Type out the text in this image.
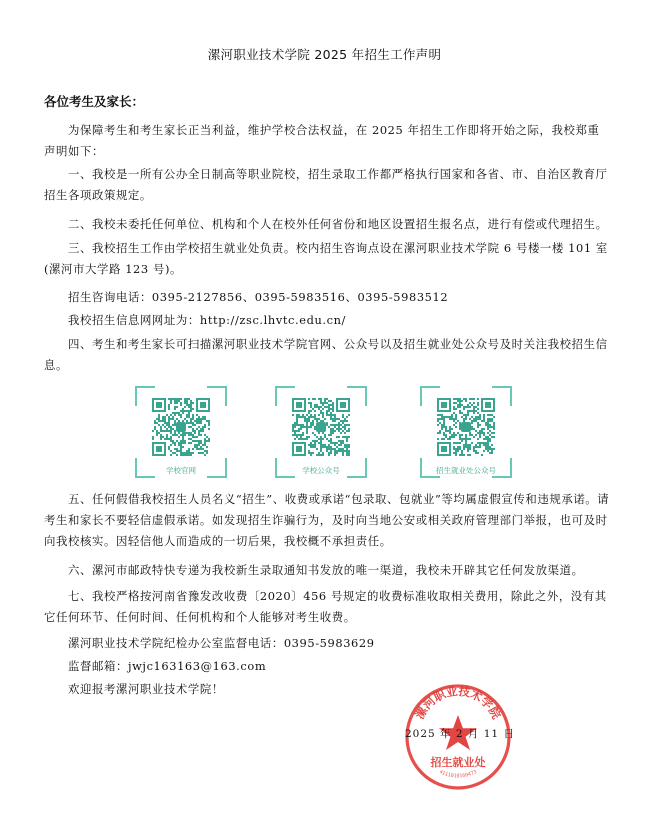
漯河职业技术学院 2025 年招生工作声明
各位考生及家长：

为保障考生和考生家长正当利益，维护学校合法权益，在 2025 年招生工作即将开始之际，我校郑重声明如下：

一、我校是一所有公办全日制高等职业院校，招生录取工作都严格执行国家和各省、市、自治区教育厅招生各项政策规定。

二、我校未委托任何单位、机构和个人在校外任何省份和地区设置招生报名点，进行有偿或代理招生。

三、我校招生工作由学校招生就业处负责。校内招生咨询点设在漯河职业技术学院 6 号楼一楼 101 室(漯河市大学路 123 号)。

招生咨询电话：0395-2127856、0395-5983516、0395-5983512

我校招生信息网网址为：http://zsc.lhvtc.edu.cn/

四、考生和考生家长可扫描漯河职业技术学院官网、公众号以及招生就业处公众号及时关注我校招生信息。

学校官网	学校公众号	招生就业处公众号

五、任何假借我校招生人员名义“招生”、收费或承诺“包录取、包就业”等均属虚假宣传和违规承诺。请考生和家长不要轻信虚假承诺。如发现招生诈骗行为，及时向当地公安或相关政府管理部门举报，也可及时向我校核实。因轻信他人而造成的一切后果，我校概不承担责任。

六、漯河市邮政特快专递为我校新生录取通知书发放的唯一渠道，我校未开辟其它任何发放渠道。

七、我校严格按河南省豫发改收费〔2020〕456 号规定的收费标准收取相关费用，除此之外，没有其它任何环节、任何时间、任何机构和个人能够对考生收费。

漯河职业技术学院纪检办公室监督电话：0395-5983629

监督邮箱：jwjc163163@163.com

欢迎报考漯河职业技术学院！

漯河职业技术学院
招生就业处
4111010160473
2025 年 2 月 11 日
